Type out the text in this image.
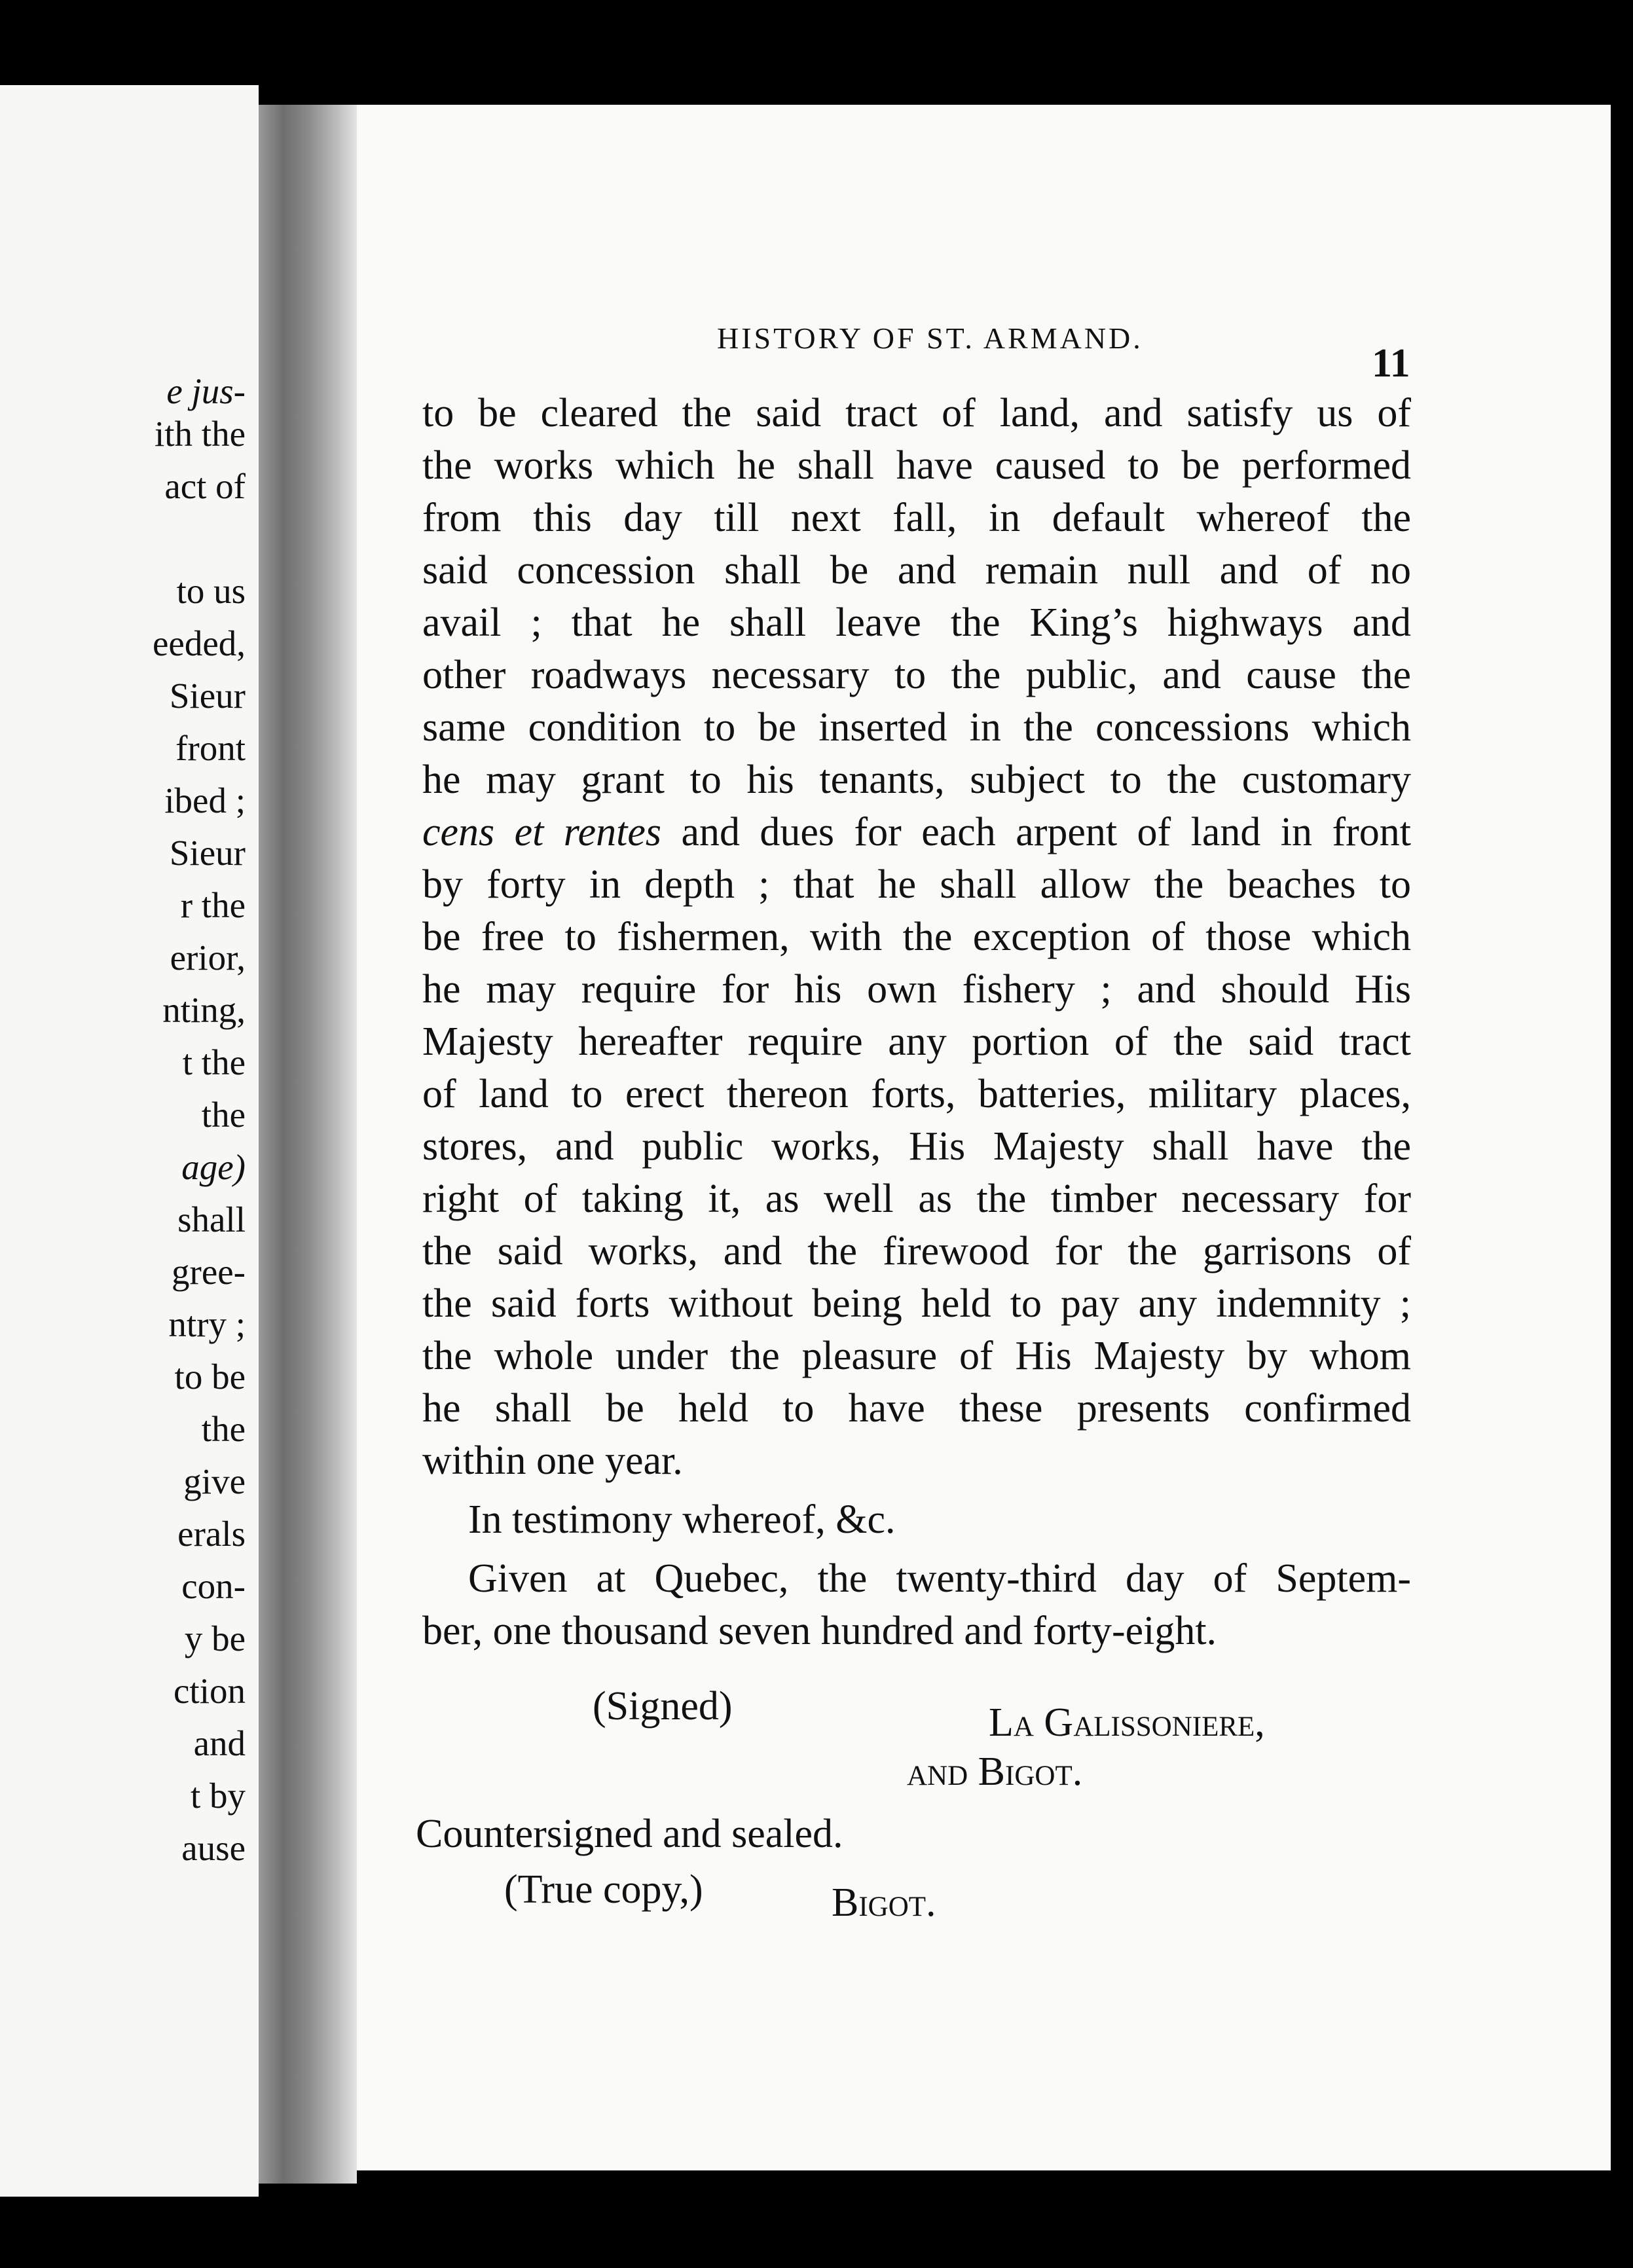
e jus-
ith the
act of
to us
eeded,
Sieur
front
ibed ;
Sieur
r the
erior,
nting,
t the
the
age)
shall
gree-
ntry ;
to be
the
give
erals
con-
y be
ction
and
t by
ause
HISTORY OF ST. ARMAND.
11
to be cleared the said tract of land, and satisfy us of
the works which he shall have caused to be performed
from this day till next fall, in default whereof the
said concession shall be and remain null and of no
avail ; that he shall leave the King’s highways and
other roadways necessary to the public, and cause the
same condition to be inserted in the concessions which
he may grant to his tenants, subject to the customary
cens et rentes and dues for each arpent of land in front
by forty in depth ; that he shall allow the beaches to
be free to fishermen, with the exception of those which
he may require for his own fishery ; and should His
Majesty hereafter require any portion of the said tract
of land to erect thereon forts, batteries, military places,
stores, and public works, His Majesty shall have the
right of taking it, as well as the timber necessary for
the said works, and the firewood for the garrisons of
the said forts without being held to pay any indemnity ;
the whole under the pleasure of His Majesty by whom
he shall be held to have these presents confirmed
within one year.
In testimony whereof, &c.
Given at Quebec, the twenty-third day of Septem-
ber, one thousand seven hundred and forty-eight.
(Signed)	La Galissoniere,
and Bigot.
Countersigned and sealed.
(True copy,)	Bigot.
